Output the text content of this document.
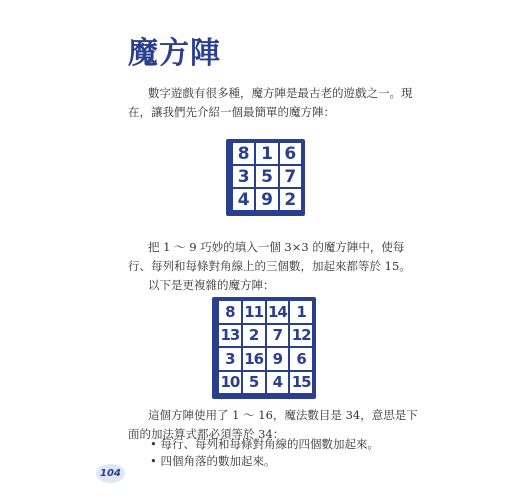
魔方陣
數字遊戲有很多種，魔方陣是最古老的遊戲之一。現在，讓我們先介紹一個最簡單的魔方陣：
8 1 6
3 5 7
4 9 2
把 1 ～ 9 巧妙的填入一個 3×3 的魔方陣中，使每行、每列和每條對角線上的三個數，加起來都等於 15。
以下是更複雜的魔方陣：
8 11 14 1
13 2 7 12
3 16 9 6
10 5 4 15
這個方陣使用了 1 ～ 16，魔法數目是 34，意思是下面的加法算式都必須等於 34：
• 每行、每列和每條對角線的四個數加起來。
• 四個角落的數加起來。
104
